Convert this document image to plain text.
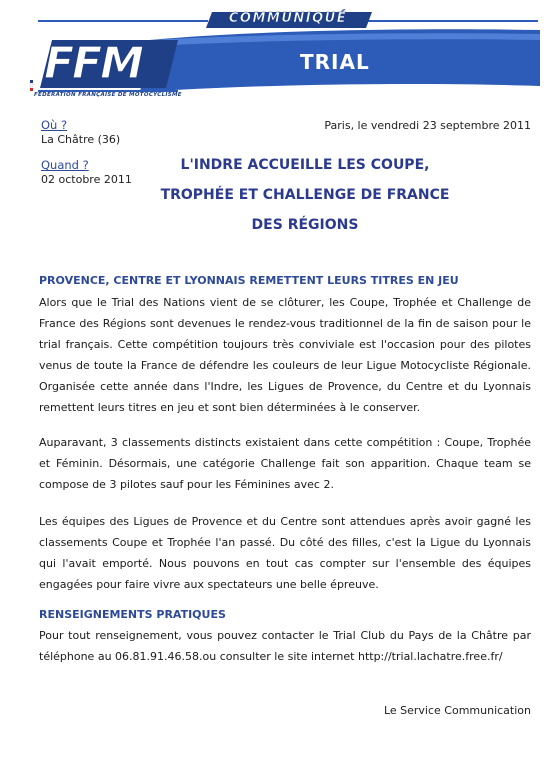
COMMUNIQUÉ
FFM
FÉDÉRATION FRANÇAISE DE MOTOCYCLISME
TRIAL
Où ?
La Châtre (36)
Quand ?
02 octobre 2011
Paris, le vendredi 23 septembre 2011
L'INDRE ACCUEILLE LES COUPE,
TROPHÉE ET CHALLENGE DE FRANCE
DES RÉGIONS
PROVENCE, CENTRE ET LYONNAIS REMETTENT LEURS TITRES EN JEU
Alors que le Trial des Nations vient de se clôturer, les Coupe, Trophée et Challenge de France des Régions sont devenues le rendez-vous traditionnel de la fin de saison pour le trial français. Cette compétition toujours très conviviale est l'occasion pour des pilotes venus de toute la France de défendre les couleurs de leur Ligue Motocycliste Régionale. Organisée cette année dans l'Indre, les Ligues de Provence, du Centre et du Lyonnais remettent leurs titres en jeu et sont bien déterminées à le conserver.
Auparavant, 3 classements distincts existaient dans cette compétition : Coupe, Trophée et Féminin. Désormais, une catégorie Challenge fait son apparition. Chaque team se compose de 3 pilotes sauf pour les Féminines avec 2.
Les équipes des Ligues de Provence et du Centre sont attendues après avoir gagné les classements Coupe et Trophée l'an passé. Du côté des filles, c'est la Ligue du Lyonnais qui l'avait emporté. Nous pouvons en tout cas compter sur l'ensemble des équipes engagées pour faire vivre aux spectateurs une belle épreuve.
RENSEIGNEMENTS PRATIQUES
Pour tout renseignement, vous pouvez contacter le Trial Club du Pays de la Châtre par téléphone au 06.81.91.46.58.ou consulter le site internet http://trial.lachatre.free.fr/
Le Service Communication
